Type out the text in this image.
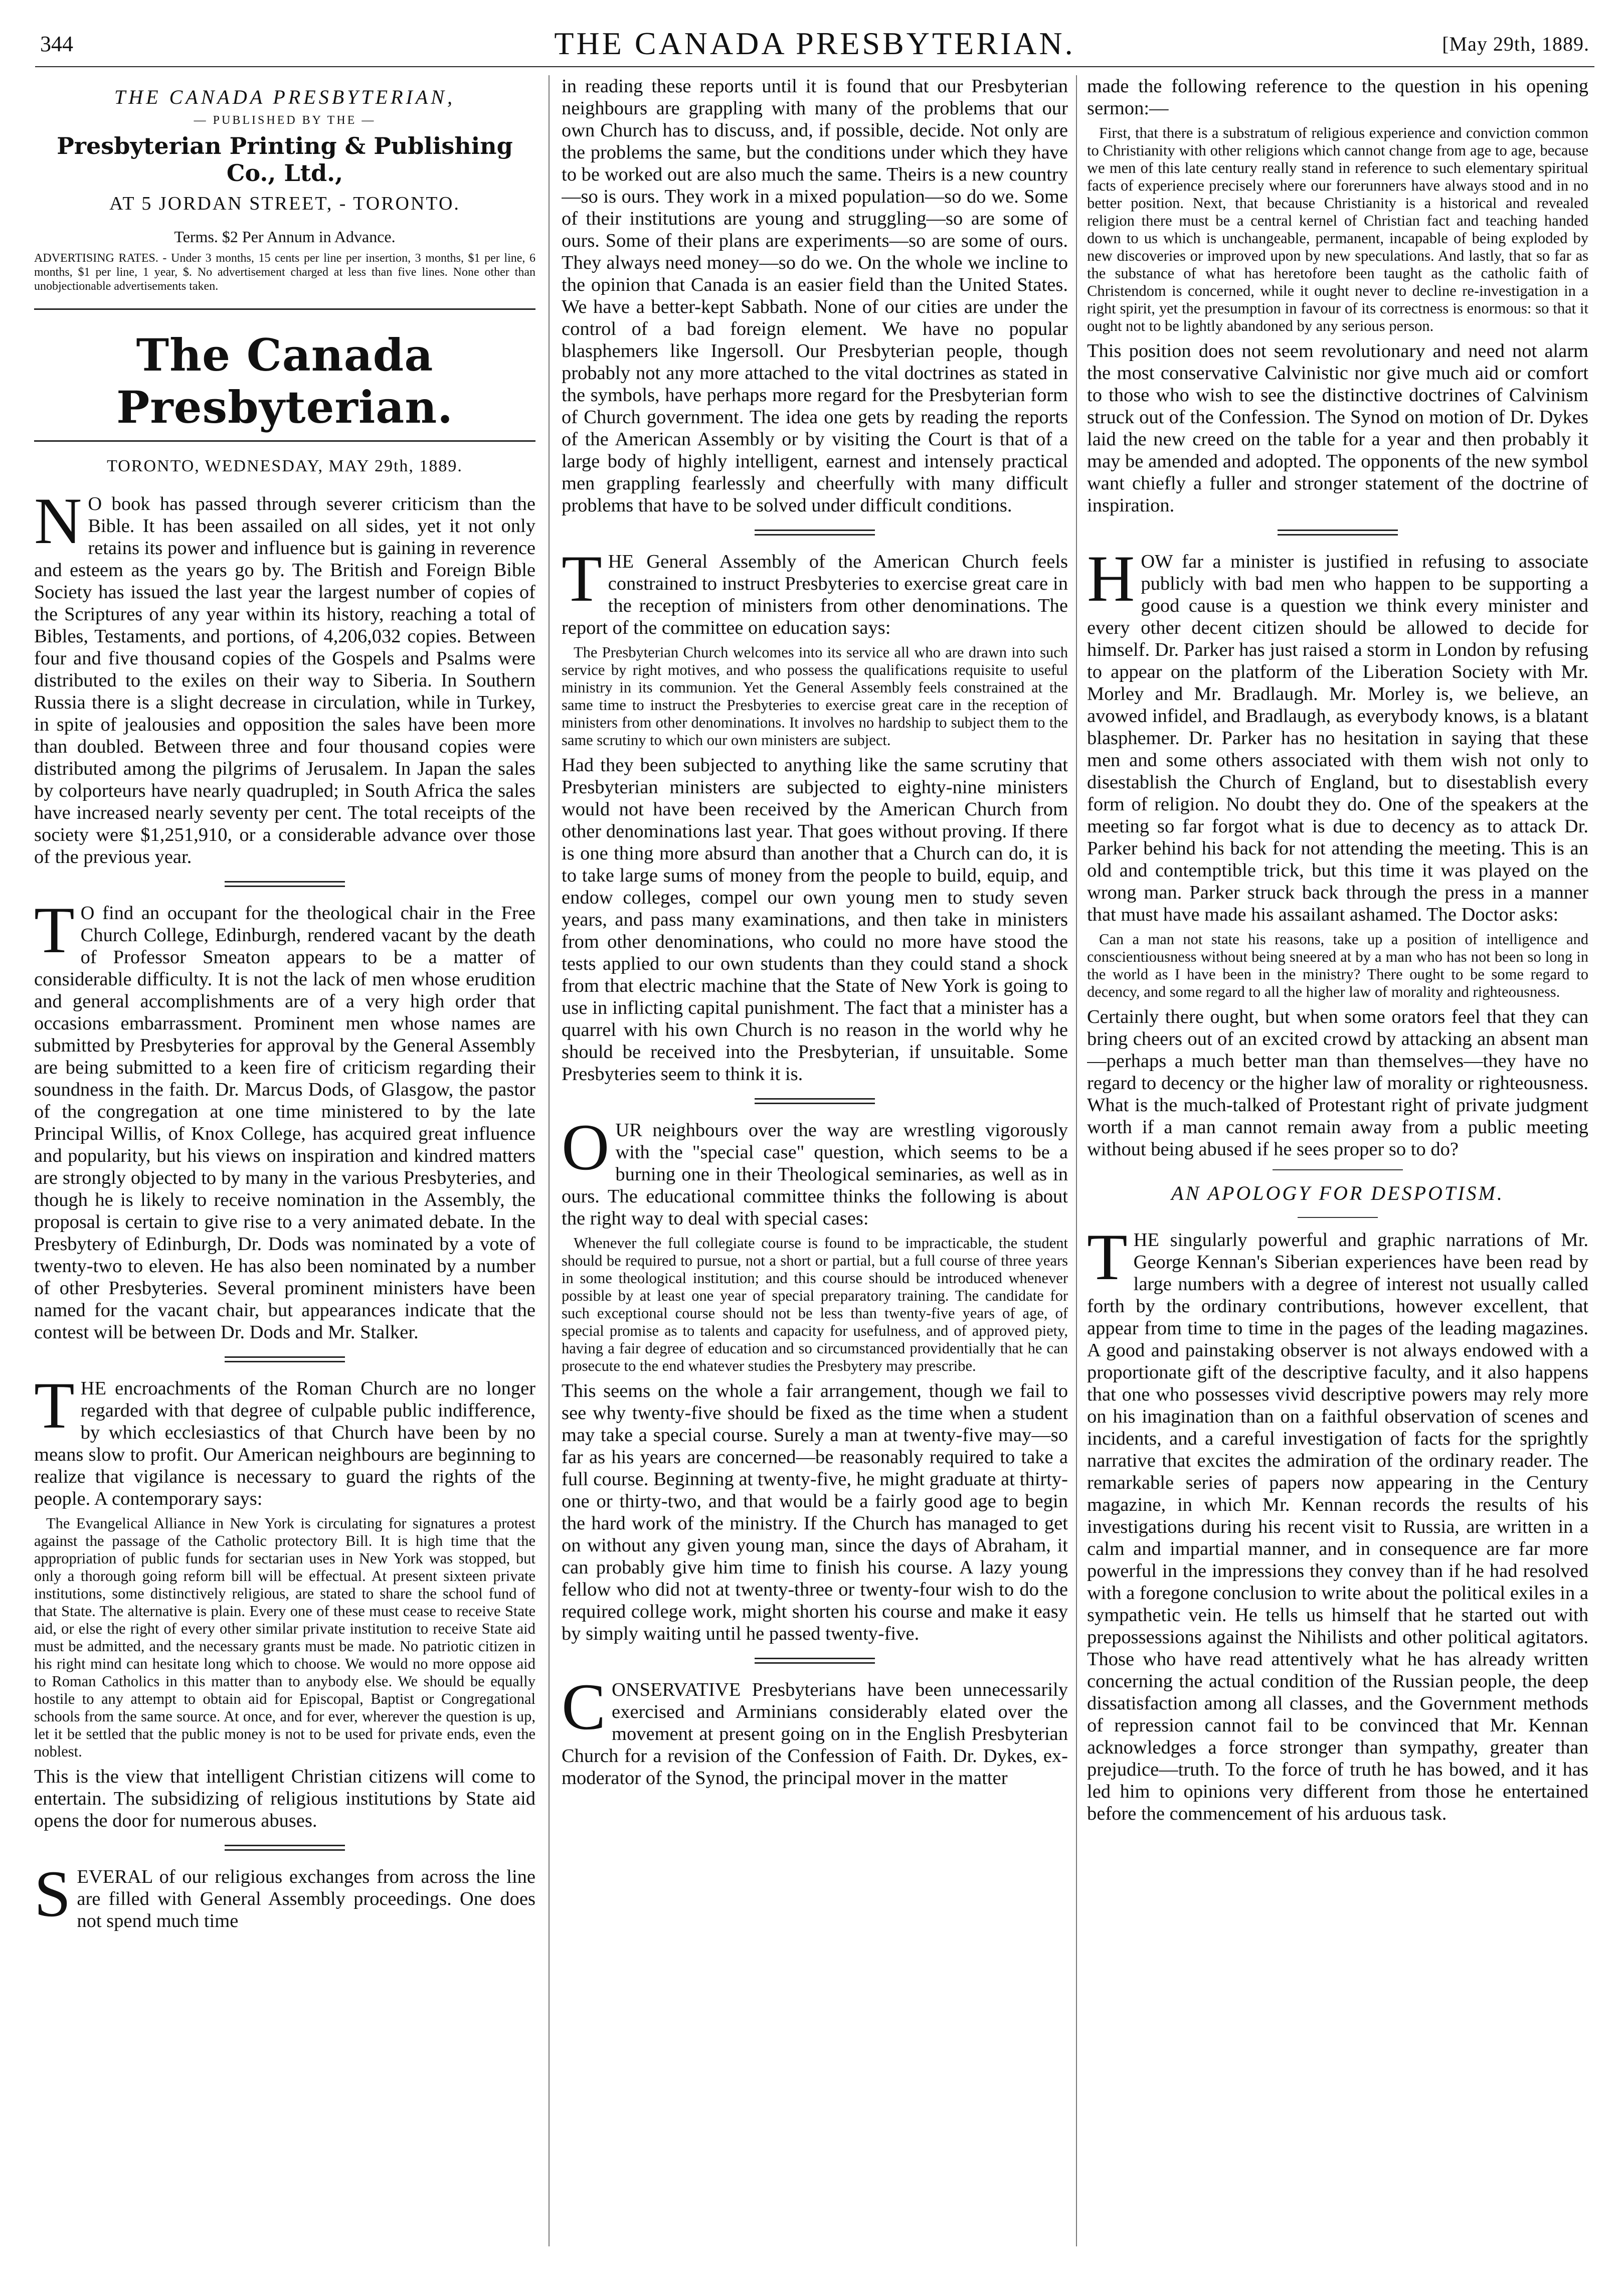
344	THE CANADA PRESBYTERIAN.	[May 29th, 1889.
THE CANADA PRESBYTERIAN,
— PUBLISHED BY THE —
Presbyterian Printing & Publishing Co., Ltd.,
AT 5 JORDAN STREET, - TORONTO.
Terms. $2 Per Annum in Advance.

ADVERTISING RATES. - Under 3 months, 15 cents per line per insertion, 3 months, $1 per line, 6 months, $1 per line, 1 year, $. No advertisement charged at less than five lines. None other than unobjectionable advertisements taken.

The Canada Presbyterian.
TORONTO, WEDNESDAY, MAY 29th, 1889.

NO book has passed through severer criticism than the Bible. It has been assailed on all sides, yet it not only retains its power and influence but is gaining in reverence and esteem as the years go by. The British and Foreign Bible Society has issued the last year the largest number of copies of the Scriptures of any year within its history, reaching a total of Bibles, Testaments, and portions, of 4,206,032 copies. Between four and five thousand copies of the Gospels and Psalms were distributed to the exiles on their way to Siberia. In Southern Russia there is a slight decrease in circulation, while in Turkey, in spite of jealousies and opposition the sales have been more than doubled. Between three and four thousand copies were distributed among the pilgrims of Jerusalem. In Japan the sales by colporteurs have nearly quadrupled; in South Africa the sales have increased nearly seventy per cent. The total receipts of the society were $1,251,910, or a considerable advance over those of the previous year.

TO find an occupant for the theological chair in the Free Church College, Edinburgh, rendered vacant by the death of Professor Smeaton appears to be a matter of considerable difficulty. It is not the lack of men whose erudition and general accomplishments are of a very high order that occasions embarrassment. Prominent men whose names are submitted by Presbyteries for approval by the General Assembly are being submitted to a keen fire of criticism regarding their soundness in the faith. Dr. Marcus Dods, of Glasgow, the pastor of the congregation at one time ministered to by the late Principal Willis, of Knox College, has acquired great influence and popularity, but his views on inspiration and kindred matters are strongly objected to by many in the various Presbyteries, and though he is likely to receive nomination in the Assembly, the proposal is certain to give rise to a very animated debate. In the Presbytery of Edinburgh, Dr. Dods was nominated by a vote of twenty-two to eleven. He has also been nominated by a number of other Presbyteries. Several prominent ministers have been named for the vacant chair, but appearances indicate that the contest will be between Dr. Dods and Mr. Stalker.

THE encroachments of the Roman Church are no longer regarded with that degree of culpable public indifference, by which ecclesiastics of that Church have been by no means slow to profit. Our American neighbours are beginning to realize that vigilance is necessary to guard the rights of the people. A contemporary says:

The Evangelical Alliance in New York is circulating for signatures a protest against the passage of the Catholic protectory Bill. It is high time that the appropriation of public funds for sectarian uses in New York was stopped, but only a thorough going reform bill will be effectual. At present sixteen private institutions, some distinctively religious, are stated to share the school fund of that State. The alternative is plain. Every one of these must cease to receive State aid, or else the right of every other similar private institution to receive State aid must be admitted, and the necessary grants must be made. No patriotic citizen in his right mind can hesitate long which to choose. We would no more oppose aid to Roman Catholics in this matter than to anybody else. We should be equally hostile to any attempt to obtain aid for Episcopal, Baptist or Congregational schools from the same source. At once, and for ever, wherever the question is up, let it be settled that the public money is not to be used for private ends, even the noblest.

This is the view that intelligent Christian citizens will come to entertain. The subsidizing of religious institutions by State aid opens the door for numerous abuses.

SEVERAL of our religious exchanges from across the line are filled with General Assembly proceedings. One does not spend much time

in reading these reports until it is found that our Presbyterian neighbours are grappling with many of the problems that our own Church has to discuss, and, if possible, decide. Not only are the problems the same, but the conditions under which they have to be worked out are also much the same. Theirs is a new country—so is ours. They work in a mixed population—so do we. Some of their institutions are young and struggling—so are some of ours. Some of their plans are experiments—so are some of ours. They always need money—so do we. On the whole we incline to the opinion that Canada is an easier field than the United States. We have a better-kept Sabbath. None of our cities are under the control of a bad foreign element. We have no popular blasphemers like Ingersoll. Our Presbyterian people, though probably not any more attached to the vital doctrines as stated in the symbols, have perhaps more regard for the Presbyterian form of Church government. The idea one gets by reading the reports of the American Assembly or by visiting the Court is that of a large body of highly intelligent, earnest and intensely practical men grappling fearlessly and cheerfully with many difficult problems that have to be solved under difficult conditions.

THE General Assembly of the American Church feels constrained to instruct Presbyteries to exercise great care in the reception of ministers from other denominations. The report of the committee on education says:

The Presbyterian Church welcomes into its service all who are drawn into such service by right motives, and who possess the qualifications requisite to useful ministry in its communion. Yet the General Assembly feels constrained at the same time to instruct the Presbyteries to exercise great care in the reception of ministers from other denominations. It involves no hardship to subject them to the same scrutiny to which our own ministers are subject.

Had they been subjected to anything like the same scrutiny that Presbyterian ministers are subjected to eighty-nine ministers would not have been received by the American Church from other denominations last year. That goes without proving. If there is one thing more absurd than another that a Church can do, it is to take large sums of money from the people to build, equip, and endow colleges, compel our own young men to study seven years, and pass many examinations, and then take in ministers from other denominations, who could no more have stood the tests applied to our own students than they could stand a shock from that electric machine that the State of New York is going to use in inflicting capital punishment. The fact that a minister has a quarrel with his own Church is no reason in the world why he should be received into the Presbyterian, if unsuitable. Some Presbyteries seem to think it is.

OUR neighbours over the way are wrestling vigorously with the "special case" question, which seems to be a burning one in their Theological seminaries, as well as in ours. The educational committee thinks the following is about the right way to deal with special cases:

Whenever the full collegiate course is found to be impracticable, the student should be required to pursue, not a short or partial, but a full course of three years in some theological institution; and this course should be introduced whenever possible by at least one year of special preparatory training. The candidate for such exceptional course should not be less than twenty-five years of age, of special promise as to talents and capacity for usefulness, and of approved piety, having a fair degree of education and so circumstanced providentially that he can prosecute to the end whatever studies the Presbytery may prescribe.

This seems on the whole a fair arrangement, though we fail to see why twenty-five should be fixed as the time when a student may take a special course. Surely a man at twenty-five may—so far as his years are concerned—be reasonably required to take a full course. Beginning at twenty-five, he might graduate at thirty-one or thirty-two, and that would be a fairly good age to begin the hard work of the ministry. If the Church has managed to get on without any given young man, since the days of Abraham, it can probably give him time to finish his course. A lazy young fellow who did not at twenty-three or twenty-four wish to do the required college work, might shorten his course and make it easy by simply waiting until he passed twenty-five.

CONSERVATIVE Presbyterians have been unnecessarily exercised and Arminians considerably elated over the movement at present going on in the English Presbyterian Church for a revision of the Confession of Faith. Dr. Dykes, ex-moderator of the Synod, the principal mover in the matter

made the following reference to the question in his opening sermon:—

First, that there is a substratum of religious experience and conviction common to Christianity with other religions which cannot change from age to age, because we men of this late century really stand in reference to such elementary spiritual facts of experience precisely where our forerunners have always stood and in no better position. Next, that because Christianity is a historical and revealed religion there must be a central kernel of Christian fact and teaching handed down to us which is unchangeable, permanent, incapable of being exploded by new discoveries or improved upon by new speculations. And lastly, that so far as the substance of what has heretofore been taught as the catholic faith of Christendom is concerned, while it ought never to decline re-investigation in a right spirit, yet the presumption in favour of its correctness is enormous: so that it ought not to be lightly abandoned by any serious person.

This position does not seem revolutionary and need not alarm the most conservative Calvinistic nor give much aid or comfort to those who wish to see the distinctive doctrines of Calvinism struck out of the Confession. The Synod on motion of Dr. Dykes laid the new creed on the table for a year and then probably it may be amended and adopted. The opponents of the new symbol want chiefly a fuller and stronger statement of the doctrine of inspiration.

HOW far a minister is justified in refusing to associate publicly with bad men who happen to be supporting a good cause is a question we think every minister and every other decent citizen should be allowed to decide for himself. Dr. Parker has just raised a storm in London by refusing to appear on the platform of the Liberation Society with Mr. Morley and Mr. Bradlaugh. Mr. Morley is, we believe, an avowed infidel, and Bradlaugh, as everybody knows, is a blatant blasphemer. Dr. Parker has no hesitation in saying that these men and some others associated with them wish not only to disestablish the Church of England, but to disestablish every form of religion. No doubt they do. One of the speakers at the meeting so far forgot what is due to decency as to attack Dr. Parker behind his back for not attending the meeting. This is an old and contemptible trick, but this time it was played on the wrong man. Parker struck back through the press in a manner that must have made his assailant ashamed. The Doctor asks:

Can a man not state his reasons, take up a position of intelligence and conscientiousness without being sneered at by a man who has not been so long in the world as I have been in the ministry? There ought to be some regard to decency, and some regard to all the higher law of morality and righteousness.

Certainly there ought, but when some orators feel that they can bring cheers out of an excited crowd by attacking an absent man—perhaps a much better man than themselves—they have no regard to decency or the higher law of morality or righteousness. What is the much-talked of Protestant right of private judgment worth if a man cannot remain away from a public meeting without being abused if he sees proper so to do?

AN APOLOGY FOR DESPOTISM.

THE singularly powerful and graphic narrations of Mr. George Kennan's Siberian experiences have been read by large numbers with a degree of interest not usually called forth by the ordinary contributions, however excellent, that appear from time to time in the pages of the leading magazines. A good and painstaking observer is not always endowed with a proportionate gift of the descriptive faculty, and it also happens that one who possesses vivid descriptive powers may rely more on his imagination than on a faithful observation of scenes and incidents, and a careful investigation of facts for the sprightly narrative that excites the admiration of the ordinary reader. The remarkable series of papers now appearing in the Century magazine, in which Mr. Kennan records the results of his investigations during his recent visit to Russia, are written in a calm and impartial manner, and in consequence are far more powerful in the impressions they convey than if he had resolved with a foregone conclusion to write about the political exiles in a sympathetic vein. He tells us himself that he started out with prepossessions against the Nihilists and other political agitators. Those who have read attentively what he has already written concerning the actual condition of the Russian people, the deep dissatisfaction among all classes, and the Government methods of repression cannot fail to be convinced that Mr. Kennan acknowledges a force stronger than sympathy, greater than prejudice—truth. To the force of truth he has bowed, and it has led him to opinions very different from those he entertained before the commencement of his arduous task.
